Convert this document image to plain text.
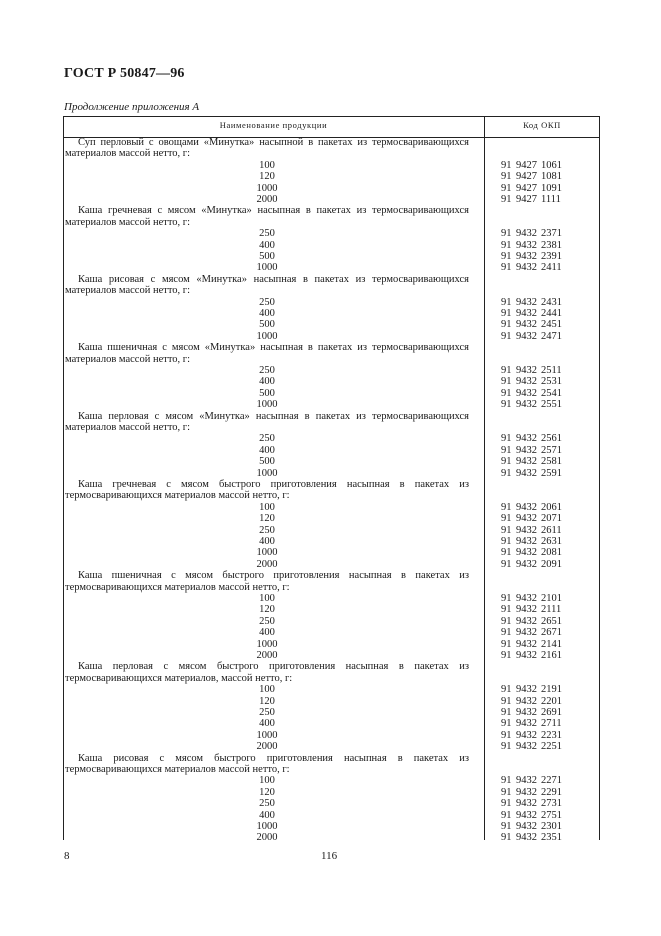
ГОСТ Р 50847—96
Продолжение приложения А
Наименование продукции	Код ОКП
Суп перловый с овощами «Минутка» насыпной в пакетах из термосваривающихся
материалов массой нетто, г:
100	91 9427 1061
120	91 9427 1081
1000	91 9427 1091
2000	91 9427 1111
Каша гречневая с мясом «Минутка» насыпная в пакетах из термосваривающихся
материалов массой нетто, г:
250	91 9432 2371
400	91 9432 2381
500	91 9432 2391
1000	91 9432 2411
Каша рисовая с мясом «Минутка» насыпная в пакетах из термосваривающихся
материалов массой нетто, г:
250	91 9432 2431
400	91 9432 2441
500	91 9432 2451
1000	91 9432 2471
Каша пшеничная с мясом «Минутка» насыпная в пакетах из термосваривающихся
материалов массой нетто, г:
250	91 9432 2511
400	91 9432 2531
500	91 9432 2541
1000	91 9432 2551
Каша перловая с мясом «Минутка» насыпная в пакетах из термосваривающихся
материалов массой нетто, г:
250	91 9432 2561
400	91 9432 2571
500	91 9432 2581
1000	91 9432 2591
Каша гречневая с мясом быстрого приготовления насыпная в пакетах из
термосваривающихся материалов массой нетто, г:
100	91 9432 2061
120	91 9432 2071
250	91 9432 2611
400	91 9432 2631
1000	91 9432 2081
2000	91 9432 2091
Каша пшеничная с мясом быстрого приготовления насыпная в пакетах из
термосваривающихся материалов массой нетто, г:
100	91 9432 2101
120	91 9432 2111
250	91 9432 2651
400	91 9432 2671
1000	91 9432 2141
2000	91 9432 2161
Каша перловая с мясом быстрого приготовления насыпная в пакетах из
термосваривающихся материалов, массой нетто, г:
100	91 9432 2191
120	91 9432 2201
250	91 9432 2691
400	91 9432 2711
1000	91 9432 2231
2000	91 9432 2251
Каша рисовая с мясом быстрого приготовления насыпная в пакетах из
термосваривающихся материалов массой нетто, г:
100	91 9432 2271
120	91 9432 2291
250	91 9432 2731
400	91 9432 2751
1000	91 9432 2301
2000	91 9432 2351
8	116
